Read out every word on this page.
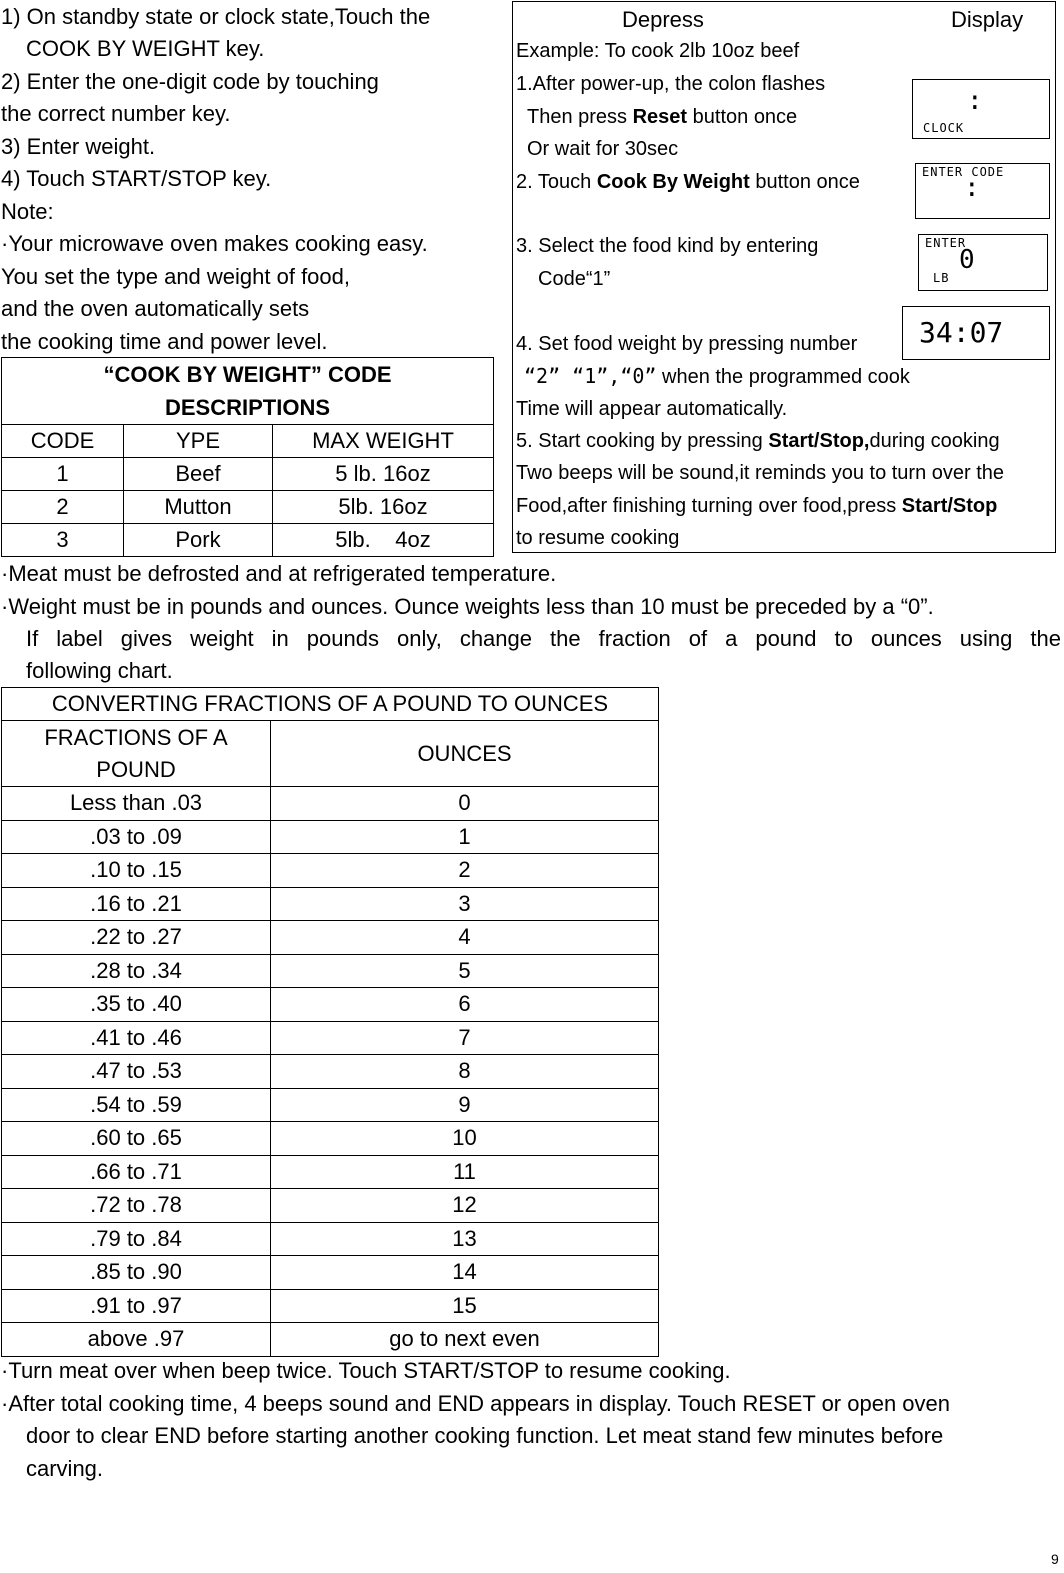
1) On standby state or clock state,Touch the
COOK BY WEIGHT key.
2) Enter the one-digit code by touching
the correct number key.
3) Enter weight.
4) Touch START/STOP key.
Note:
·Your microwave oven makes cooking easy.
You set the type and weight of food,
and the oven automatically sets
the cooking time and power level.
“COOK BY WEIGHT” CODE DESCRIPTIONS		
CODE	YPE	MAX WEIGHT
1	Beef	5 lb. 16oz
2	Mutton	5lb. 16oz
3	Pork	5lb.    4oz
Depress	Display
Example: To cook 2lb 10oz beef
1.After power-up, the colon flashes
Then press Reset button once
Or wait for 30sec
2. Touch Cook By Weight button once
3. Select the food kind by entering
Code“1”
4. Set food weight by pressing number
“2” “1”,“0” when the programmed cook
Time will appear automatically.
5. Start cooking by pressing Start/Stop,during cooking
Two beeps will be sound,it reminds you to turn over the
Food,after finishing turning over food,press Start/Stop
to resume cooking
:
CLOCK
ENTER CODE
:
ENTER
0
LB
34:07
·Meat must be defrosted and at refrigerated temperature.
·Weight must be in pounds and ounces. Ounce weights less than 10 must be preceded by a “0”.
If label gives weight in pounds only, change the fraction of a pound to ounces using the
following chart.
CONVERTING FRACTIONS OF A POUND TO OUNCES	
FRACTIONS OF A
POUND	OUNCES
Less than .03	0
.03 to .09	1
.10 to .15	2
.16 to .21	3
.22 to .27	4
.28 to .34	5
.35 to .40	6
.41 to .46	7
.47 to .53	8
.54 to .59	9
.60 to .65	10
.66 to .71	11
.72 to .78	12
.79 to .84	13
.85 to .90	14
.91 to .97	15
above .97	go to next even
·Turn meat over when beep twice. Touch START/STOP to resume cooking.
·After total cooking time, 4 beeps sound and END appears in display. Touch RESET or open oven
door to clear END before starting another cooking function. Let meat stand few minutes before
carving.
9
